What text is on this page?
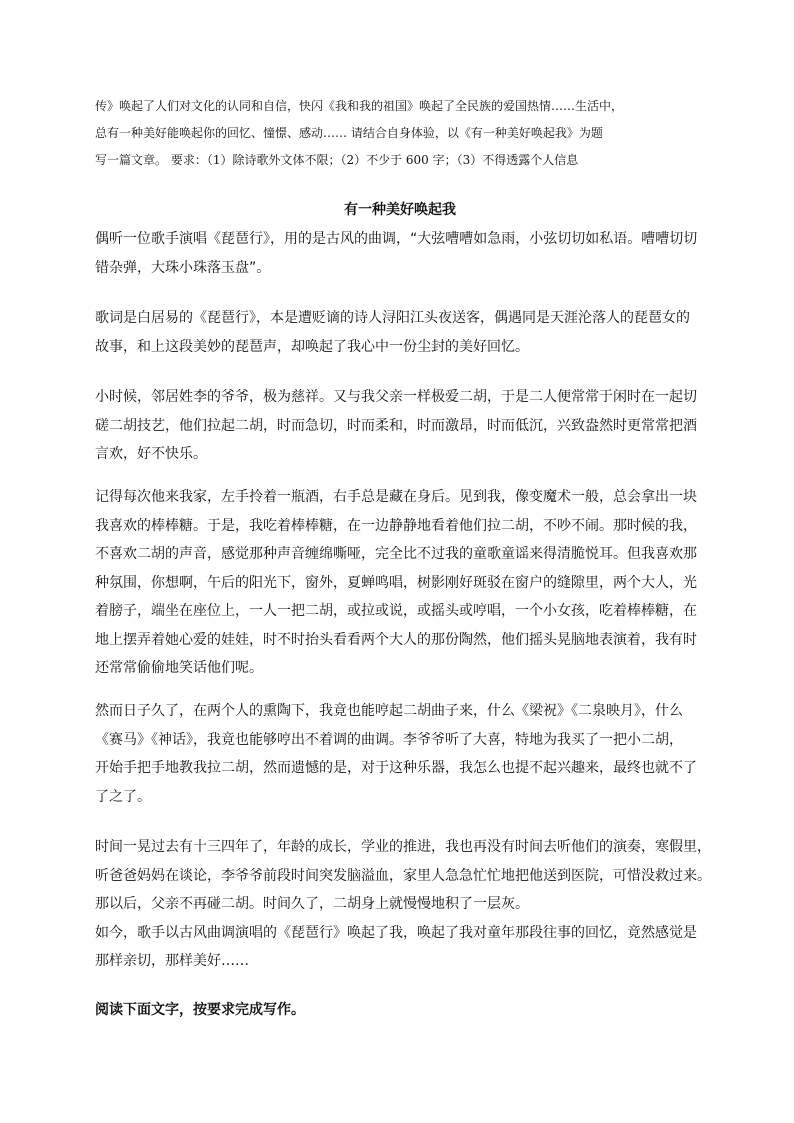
传》唤起了人们对文化的认同和自信，快闪《我和我的祖国》唤起了全民族的爱国热情……生活中，
总有一种美好能唤起你的回忆、憧憬、感动…… 请结合自身体验，以《有一种美好唤起我》为题
写一篇文章。 要求：（1）除诗歌外文体不限；（2）不少于 600 字；（3）不得透露个人信息
有一种美好唤起我
偶听一位歌手演唱《琵琶行》，用的是古风的曲调，“大弦嘈嘈如急雨，小弦切切如私语。嘈嘈切切
错杂弹，大珠小珠落玉盘”。
歌词是白居易的《琵琶行》，本是遭贬谪的诗人浔阳江头夜送客，偶遇同是天涯沦落人的琵琶女的
故事，和上这段美妙的琵琶声，却唤起了我心中一份尘封的美好回忆。
小时候，邻居姓李的爷爷，极为慈祥。又与我父亲一样极爱二胡，于是二人便常常于闲时在一起切
磋二胡技艺，他们拉起二胡，时而急切，时而柔和，时而激昂，时而低沉，兴致盎然时更常常把酒
言欢，好不快乐。
记得每次他来我家，左手拎着一瓶酒，右手总是藏在身后。见到我，像变魔术一般，总会拿出一块
我喜欢的棒棒糖。于是，我吃着棒棒糖，在一边静静地看着他们拉二胡，不吵不闹。那时候的我，
不喜欢二胡的声音，感觉那种声音缠绵嘶哑，完全比不过我的童歌童谣来得清脆悦耳。但我喜欢那
种氛围，你想啊，午后的阳光下，窗外，夏蝉鸣唱，树影刚好斑驳在窗户的缝隙里，两个大人，光
着膀子，端坐在座位上，一人一把二胡，或拉或说，或摇头或哼唱，一个小女孩，吃着棒棒糖，在
地上摆弄着她心爱的娃娃，时不时抬头看看两个大人的那份陶然，他们摇头晃脑地表演着，我有时
还常常偷偷地笑话他们呢。
然而日子久了，在两个人的熏陶下，我竟也能哼起二胡曲子来，什么《梁祝》《二泉映月》，什么
《赛马》《神话》，我竟也能够哼出不着调的曲调。李爷爷听了大喜，特地为我买了一把小二胡，
开始手把手地教我拉二胡，然而遗憾的是，对于这种乐器，我怎么也提不起兴趣来，最终也就不了
了之了。
时间一晃过去有十三四年了，年龄的成长，学业的推进，我也再没有时间去听他们的演奏，寒假里，
听爸爸妈妈在谈论，李爷爷前段时间突发脑溢血，家里人急急忙忙地把他送到医院，可惜没救过来。
那以后，父亲不再碰二胡。时间久了，二胡身上就慢慢地积了一层灰。
如今，歌手以古风曲调演唱的《琵琶行》唤起了我，唤起了我对童年那段往事的回忆，竟然感觉是
那样亲切，那样美好……
阅读下面文字，按要求完成写作。
